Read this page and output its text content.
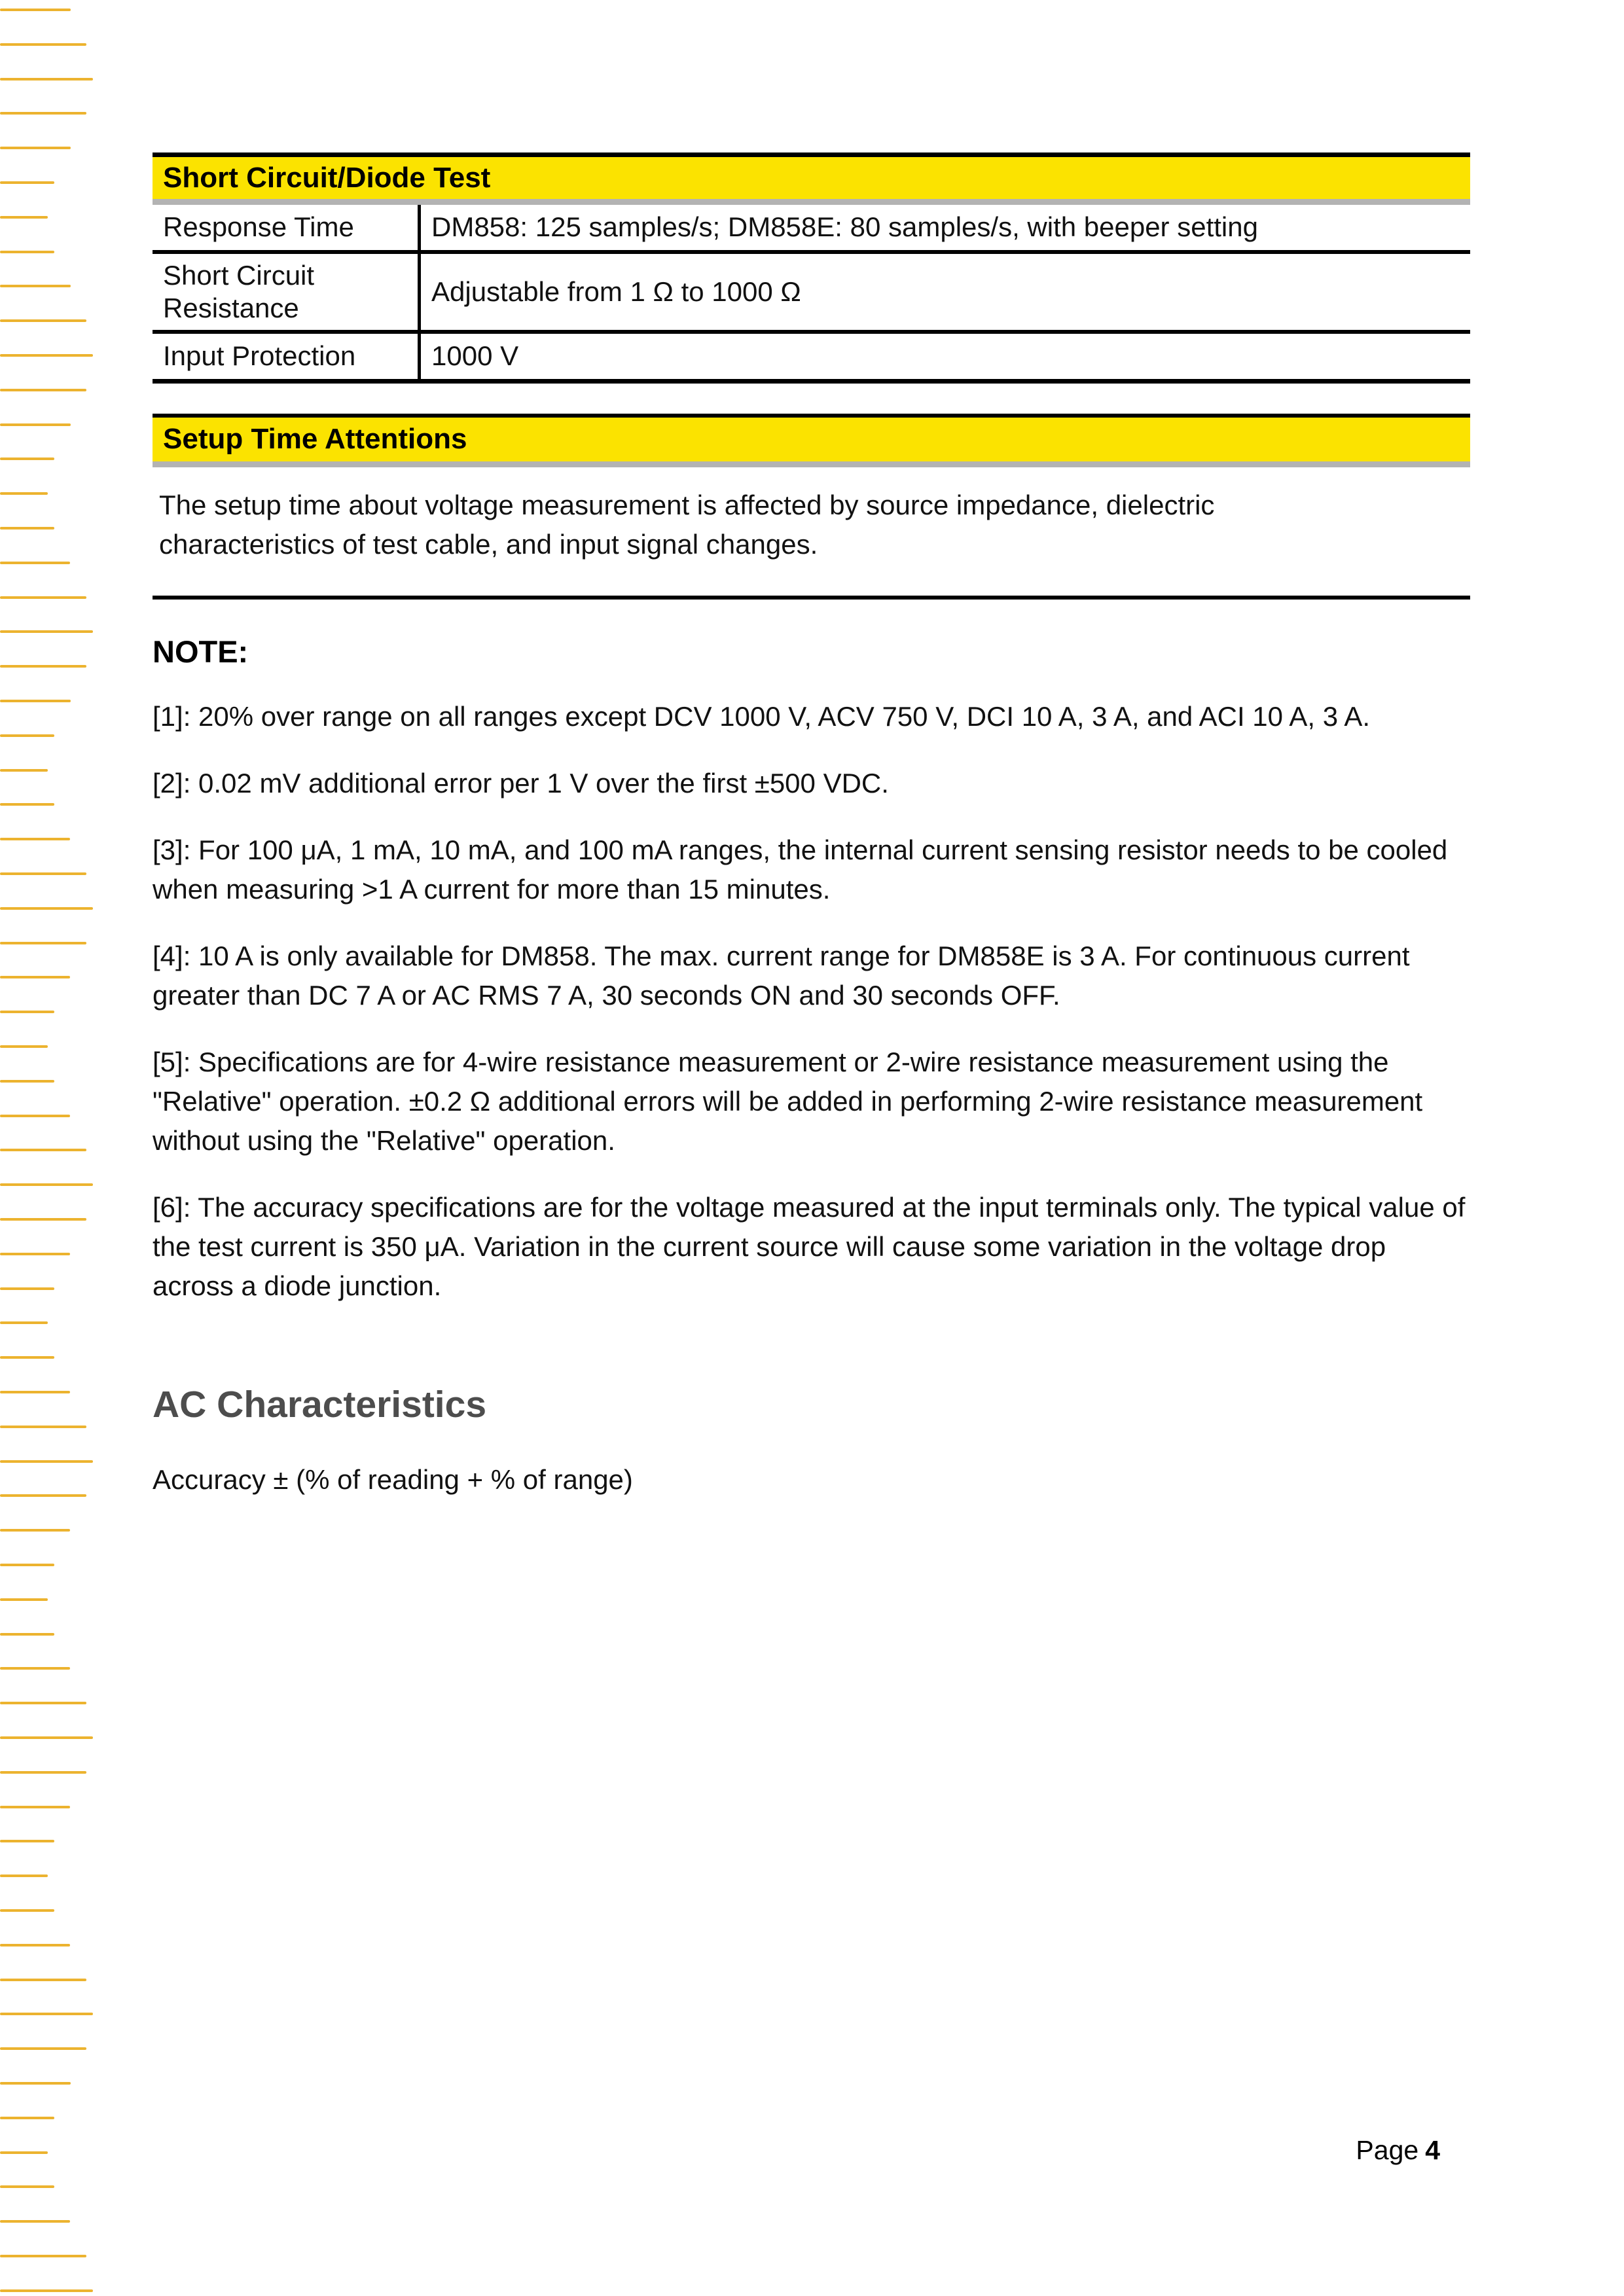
Short Circuit/Diode Test
Response Time	DM858: 125 samples/s; DM858E: 80 samples/s, with beeper setting
Short Circuit Resistance
Adjustable from 1 Ω to 1000 Ω
Input Protection	1000 V
Setup Time Attentions
The setup time about voltage measurement is affected by source impedance, dielectric characteristics of test cable, and input signal changes.
NOTE:

[1]: 20% over range on all ranges except DCV 1000 V, ACV 750 V, DCI 10 A, 3 A, and ACI 10 A, 3 A.

[2]: 0.02 mV additional error per 1 V over the first ±500 VDC.

[3]: For 100 μA, 1 mA, 10 mA, and 100 mA ranges, the internal current sensing resistor needs to be cooled when measuring >1 A current for more than 15 minutes.

[4]: 10 A is only available for DM858. The max. current range for DM858E is 3 A. For continuous current greater than DC 7 A or AC RMS 7 A, 30 seconds ON and 30 seconds OFF.

[5]: Specifications are for 4-wire resistance measurement or 2-wire resistance measurement using the "Relative" operation. ±0.2 Ω additional errors will be added in performing 2-wire resistance measurement without using the "Relative" operation.

[6]: The accuracy specifications are for the voltage measured at the input terminals only. The typical value of the test current is 350 μA. Variation in the current source will cause some variation in the voltage drop across a diode junction.

AC Characteristics
Accuracy ± (% of reading + % of range)
Page 4
